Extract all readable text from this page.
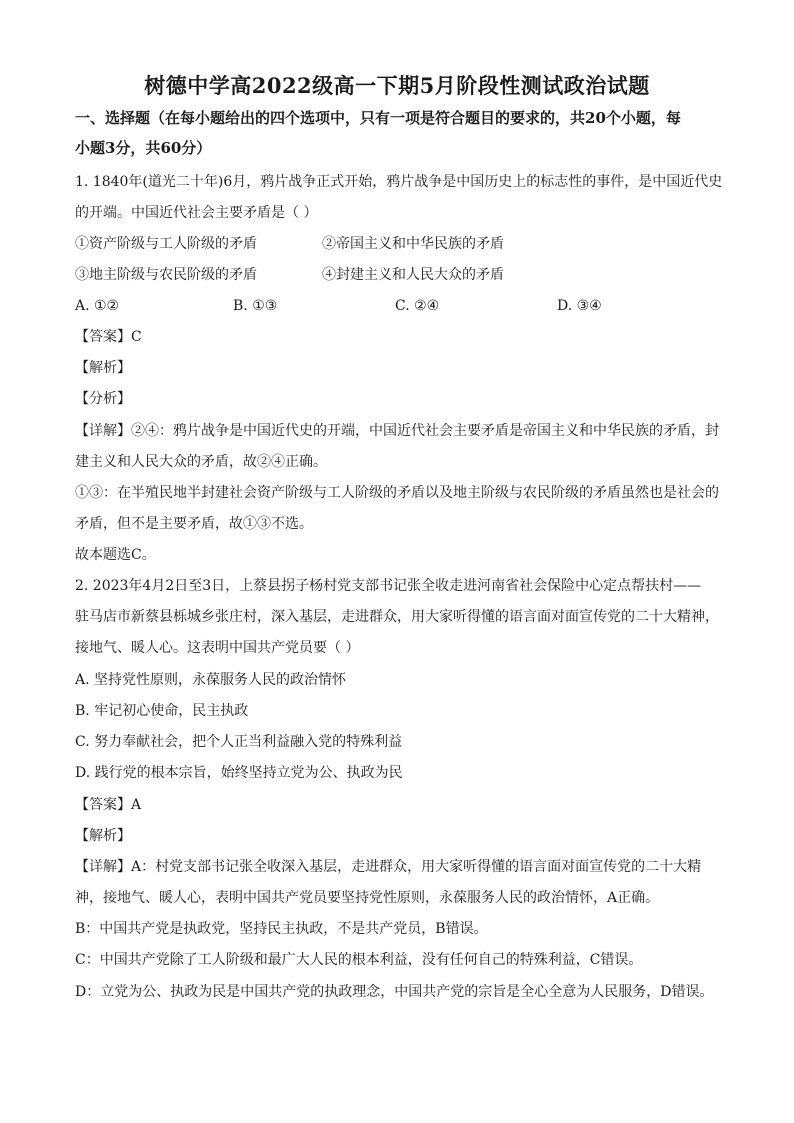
树德中学高2022级高一下期5月阶段性测试政治试题
一、选择题（在每小题给出的四个选项中，只有一项是符合题目的要求的，共20个小题，每
小题3分，共60分）
1. 1840年(道光二十年)6月，鸦片战争正式开始，鸦片战争是中国历史上的标志性的事件，是中国近代史
的开端。中国近代社会主要矛盾是（ ）
①资产阶级与工人阶级的矛盾	②帝国主义和中华民族的矛盾
③地主阶级与农民阶级的矛盾	④封建主义和人民大众的矛盾
A. ①②	B. ①③	C. ②④	D. ③④
【答案】C
【解析】
【分析】
【详解】②④：鸦片战争是中国近代史的开端，中国近代社会主要矛盾是帝国主义和中华民族的矛盾，封
建主义和人民大众的矛盾，故②④正确。
①③：在半殖民地半封建社会资产阶级与工人阶级的矛盾以及地主阶级与农民阶级的矛盾虽然也是社会的
矛盾，但不是主要矛盾，故①③不选。
故本题选C。
2. 2023年4月2日至3日，上蔡县拐子杨村党支部书记张全收走进河南省社会保险中心定点帮扶村——
驻马店市新蔡县栎城乡张庄村，深入基层，走进群众，用大家听得懂的语言面对面宣传党的二十大精神，
接地气、暖人心。这表明中国共产党员要（ ）
A. 坚持党性原则，永葆服务人民的政治情怀
B. 牢记初心使命，民主执政
C. 努力奉献社会，把个人正当利益融入党的特殊利益
D. 践行党的根本宗旨，始终坚持立党为公、执政为民
【答案】A
【解析】
【详解】A：村党支部书记张全收深入基层，走进群众，用大家听得懂的语言面对面宣传党的二十大精
神，接地气、暖人心，表明中国共产党员要坚持党性原则，永葆服务人民的政治情怀，A正确。
B：中国共产党是执政党，坚持民主执政，不是共产党员，B错误。
C：中国共产党除了工人阶级和最广大人民的根本利益，没有任何自己的特殊利益，C错误。
D：立党为公、执政为民是中国共产党的执政理念，中国共产党的宗旨是全心全意为人民服务，D错误。
